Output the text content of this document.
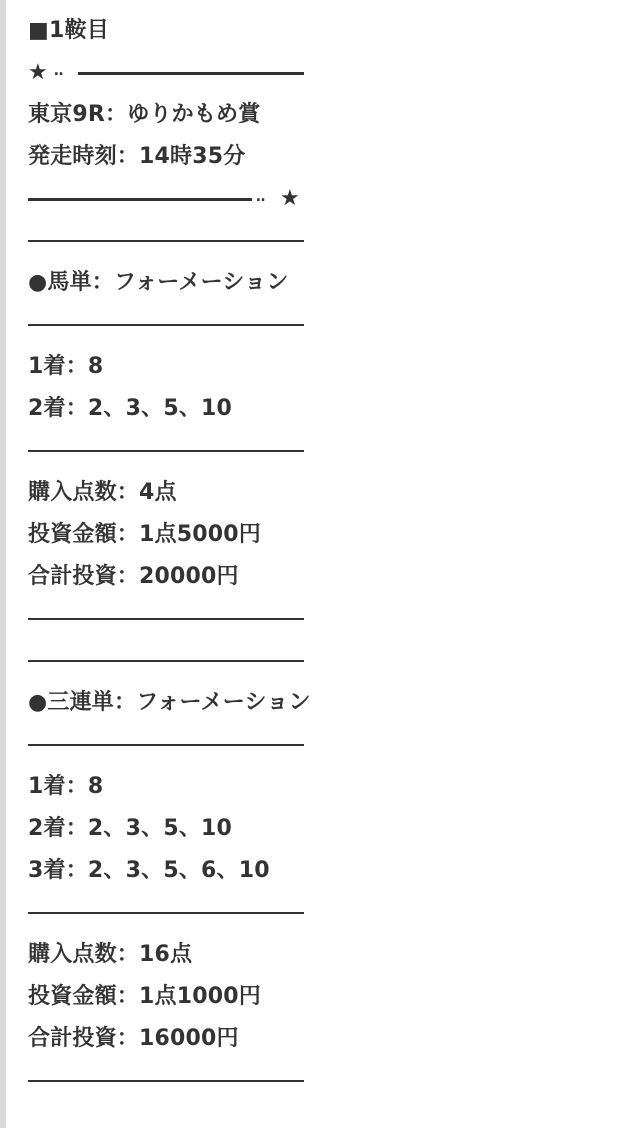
■1鞍目
★ ‥
東京9R：ゆりかもめ賞
発走時刻：14時35分
‥ ★
●馬単：フォーメーション
1着：8
2着：2、3、5、10
購入点数：4点
投資金額：1点5000円
合計投資：20000円
●三連単：フォーメーション
1着：8
2着：2、3、5、10
3着：2、3、5、6、10
購入点数：16点
投資金額：1点1000円
合計投資：16000円
